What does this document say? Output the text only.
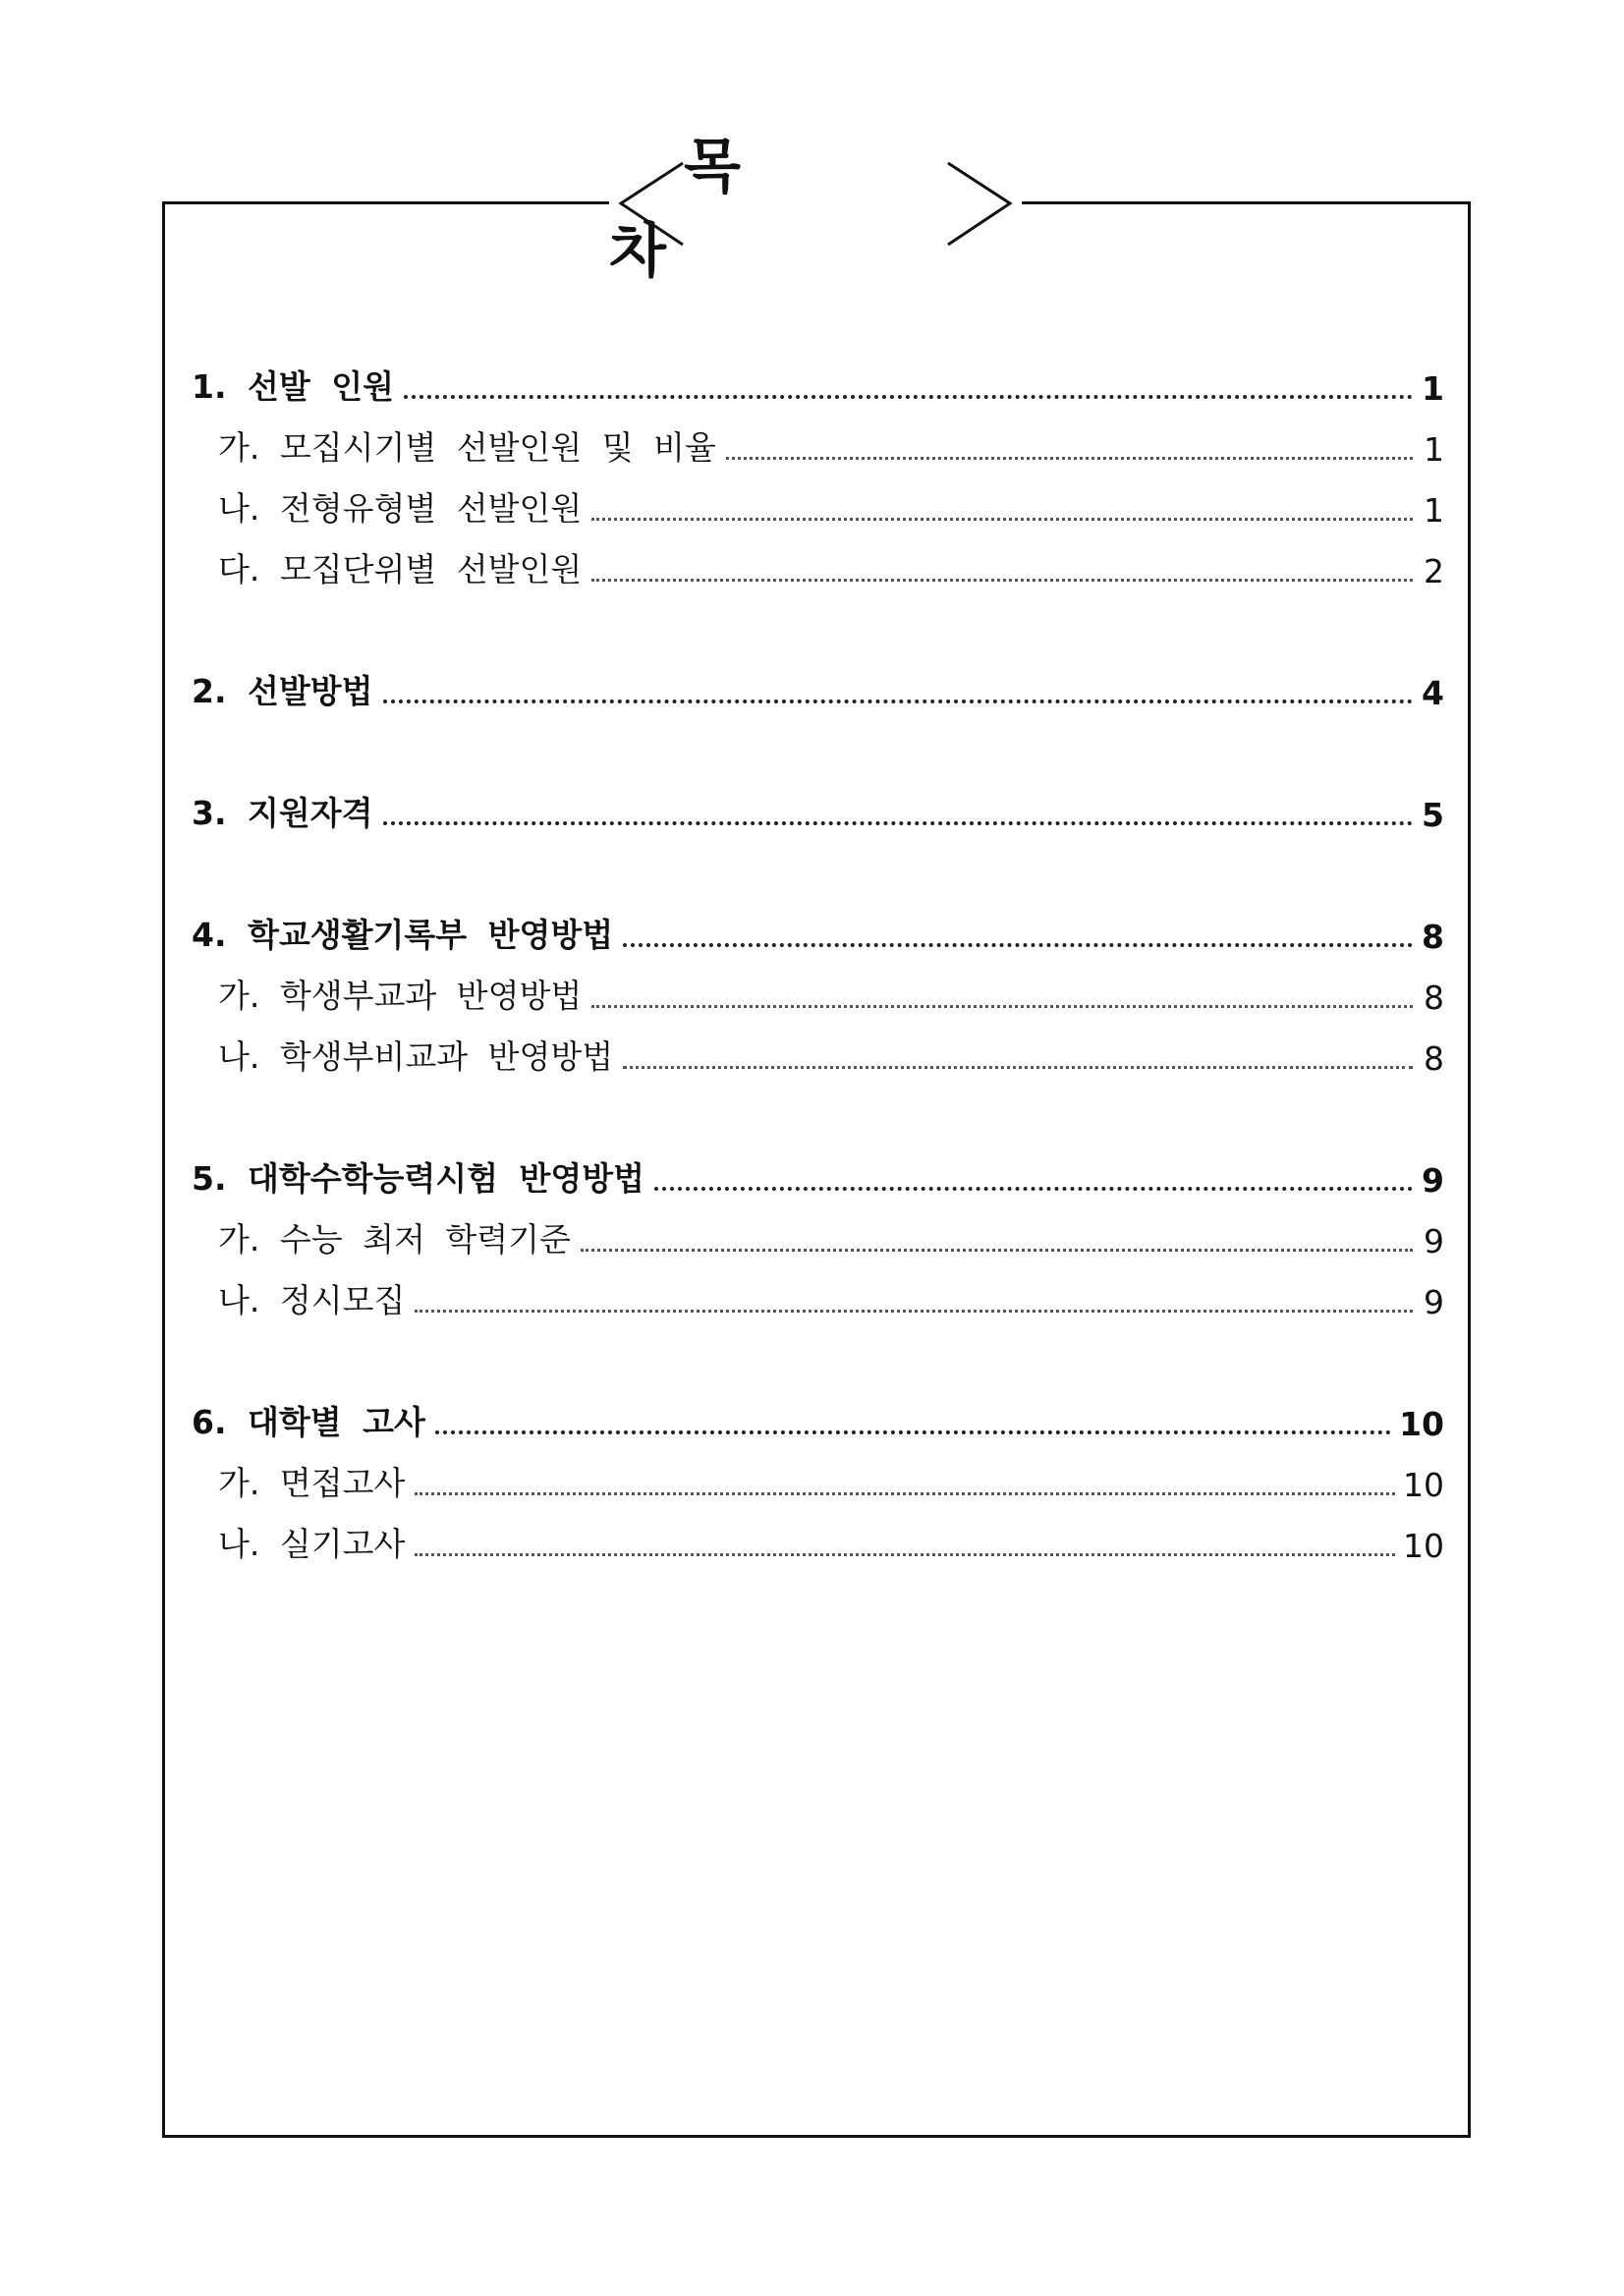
목
1. 선발 인원	1
가. 모집시기별 선발인원 및 비율	1
나. 전형유형별 선발인원	1
다. 모집단위별 선발인원	2
2. 선발방법	4
3. 지원자격	5
4. 학교생활기록부 반영방법	8
가. 학생부교과 반영방법	8
나. 학생부비교과 반영방법	8
5. 대학수학능력시험 반영방법	9
가. 수능 최저 학력기준	9
나. 정시모집	9
6. 대학별 고사	10
가. 면접고사	10
나. 실기고사	10
